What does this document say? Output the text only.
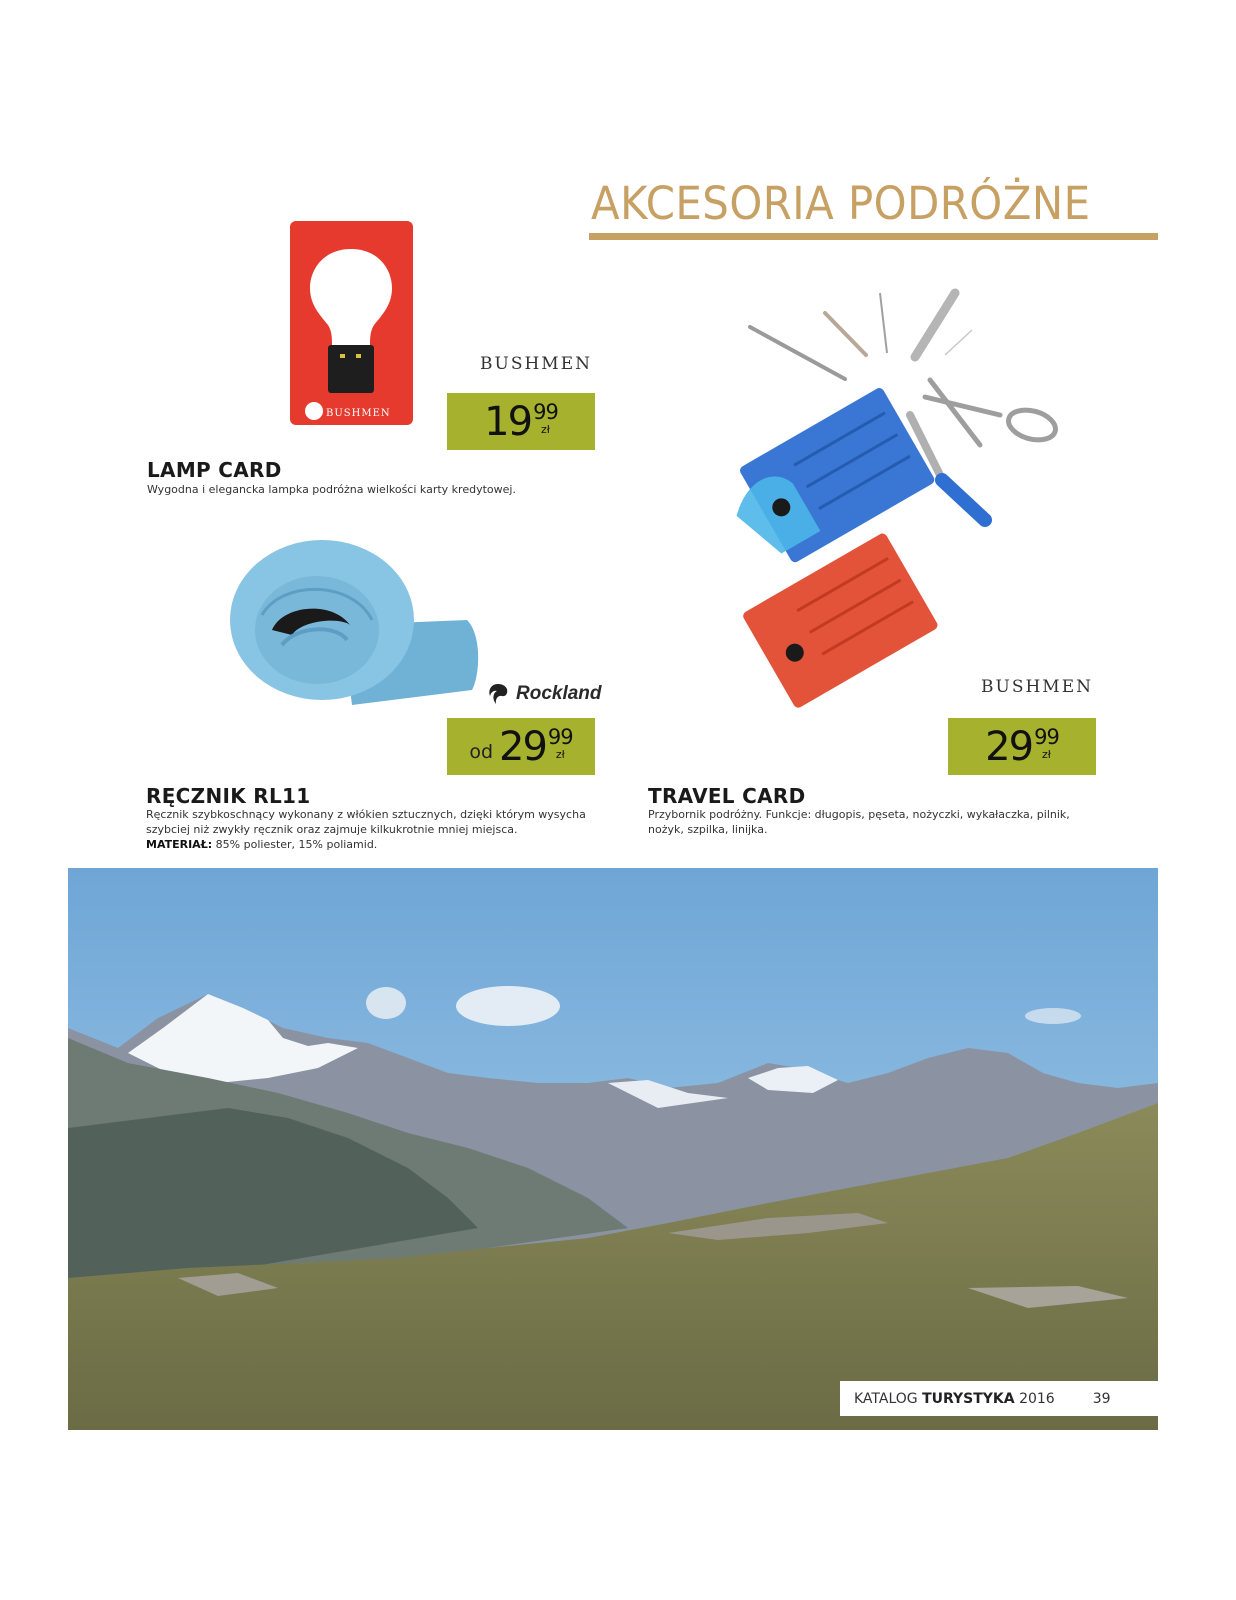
AKCESORIA PODRÓŻNE
BUSHMEN
BUSHMEN
19 99
zł
LAMP CARD
Wygodna i elegancka lampka podróżna wielkości karty kredytowej.
Rockland
od 29 99
zł
RĘCZNIK RL11
Ręcznik szybkoschnący wykonany z włókien sztucznych, dzięki którym wysycha szybciej niż zwykły ręcznik oraz zajmuje kilkukrotnie mniej miejsca.
MATERIAŁ: 85% poliester, 15% poliamid.
BUSHMEN
29 99
zł
TRAVEL CARD
Przybornik podróżny. Funkcje: długopis, pęseta, nożyczki, wykałaczka, pilnik, nożyk, szpilka, linijka.
KATALOG TURYSTYKA 2016	39
